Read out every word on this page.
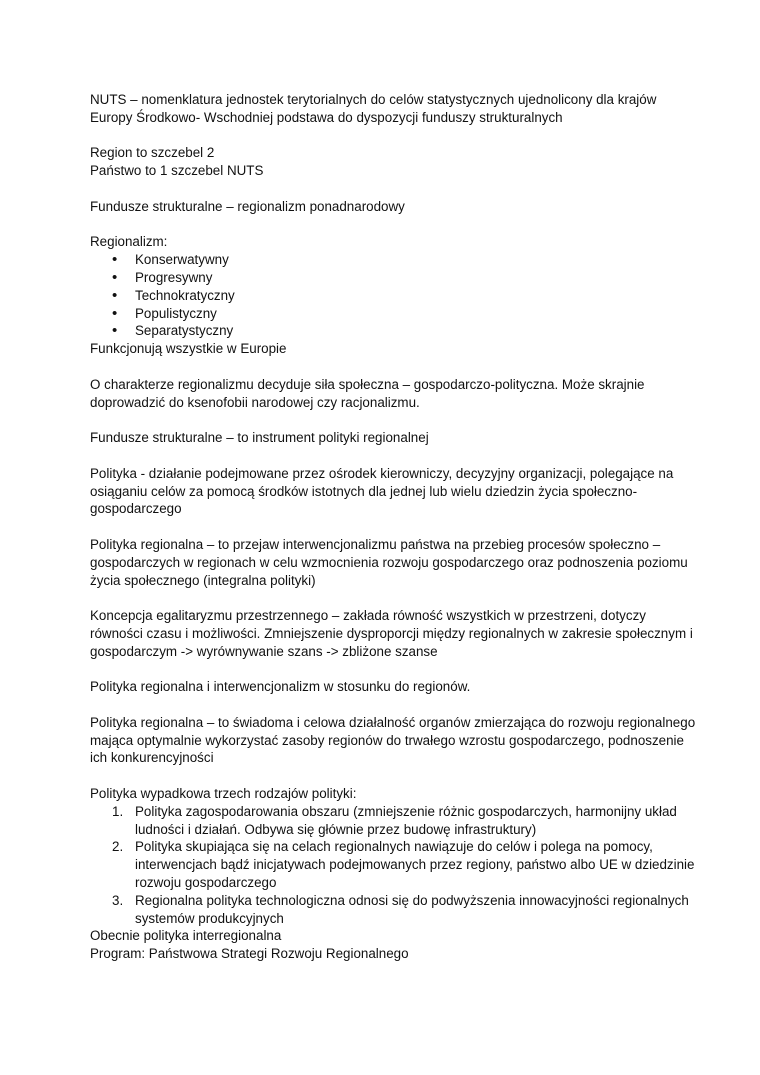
NUTS – nomenklatura jednostek terytorialnych do celów statystycznych ujednolicony dla krajów Europy Środkowo- Wschodniej podstawa do dyspozycji funduszy strukturalnych

Region to szczebel 2
Państwo to 1 szczebel NUTS

Fundusze strukturalne – regionalizm ponadnarodowy

Regionalizm:

• Konserwatywny
• Progresywny
• Technokratyczny
• Populistyczny
• Separatystyczny

Funkcjonują wszystkie w Europie

O charakterze regionalizmu decyduje siła społeczna – gospodarczo-polityczna. Może skrajnie doprowadzić do ksenofobii narodowej czy racjonalizmu.

Fundusze strukturalne – to instrument polityki regionalnej

Polityka - działanie podejmowane przez ośrodek kierowniczy, decyzyjny organizacji, polegające na osiąganiu celów za pomocą środków istotnych dla jednej lub wielu dziedzin życia społeczno-gospodarczego

Polityka regionalna – to przejaw interwencjonalizmu państwa na przebieg procesów społeczno – gospodarczych w regionach w celu wzmocnienia rozwoju gospodarczego oraz podnoszenia poziomu życia społecznego (integralna polityki)

Koncepcja egalitaryzmu przestrzennego – zakłada równość wszystkich w przestrzeni, dotyczy równości czasu i możliwości. Zmniejszenie dysproporcji między regionalnych w zakresie społecznym i gospodarczym -> wyrównywanie szans -> zbliżone szanse

Polityka regionalna i interwencjonalizm w stosunku do regionów.

Polityka regionalna – to świadoma i celowa działalność organów zmierzająca do rozwoju regionalnego mająca optymalnie wykorzystać zasoby regionów do trwałego wzrostu gospodarczego, podnoszenie ich konkurencyjności

Polityka wypadkowa trzech rodzajów polityki:

1. Polityka zagospodarowania obszaru (zmniejszenie różnic gospodarczych, harmonijny układ ludności i działań. Odbywa się głównie przez budowę infrastruktury)
2. Polityka skupiająca się na celach regionalnych nawiązuje do celów i polega na pomocy, interwencjach bądź inicjatywach podejmowanych przez regiony, państwo albo UE w dziedzinie rozwoju gospodarczego
3. Regionalna polityka technologiczna odnosi się do podwyższenia innowacyjności regionalnych systemów produkcyjnych

Obecnie polityka interregionalna

Program: Państwowa Strategi Rozwoju Regionalnego
